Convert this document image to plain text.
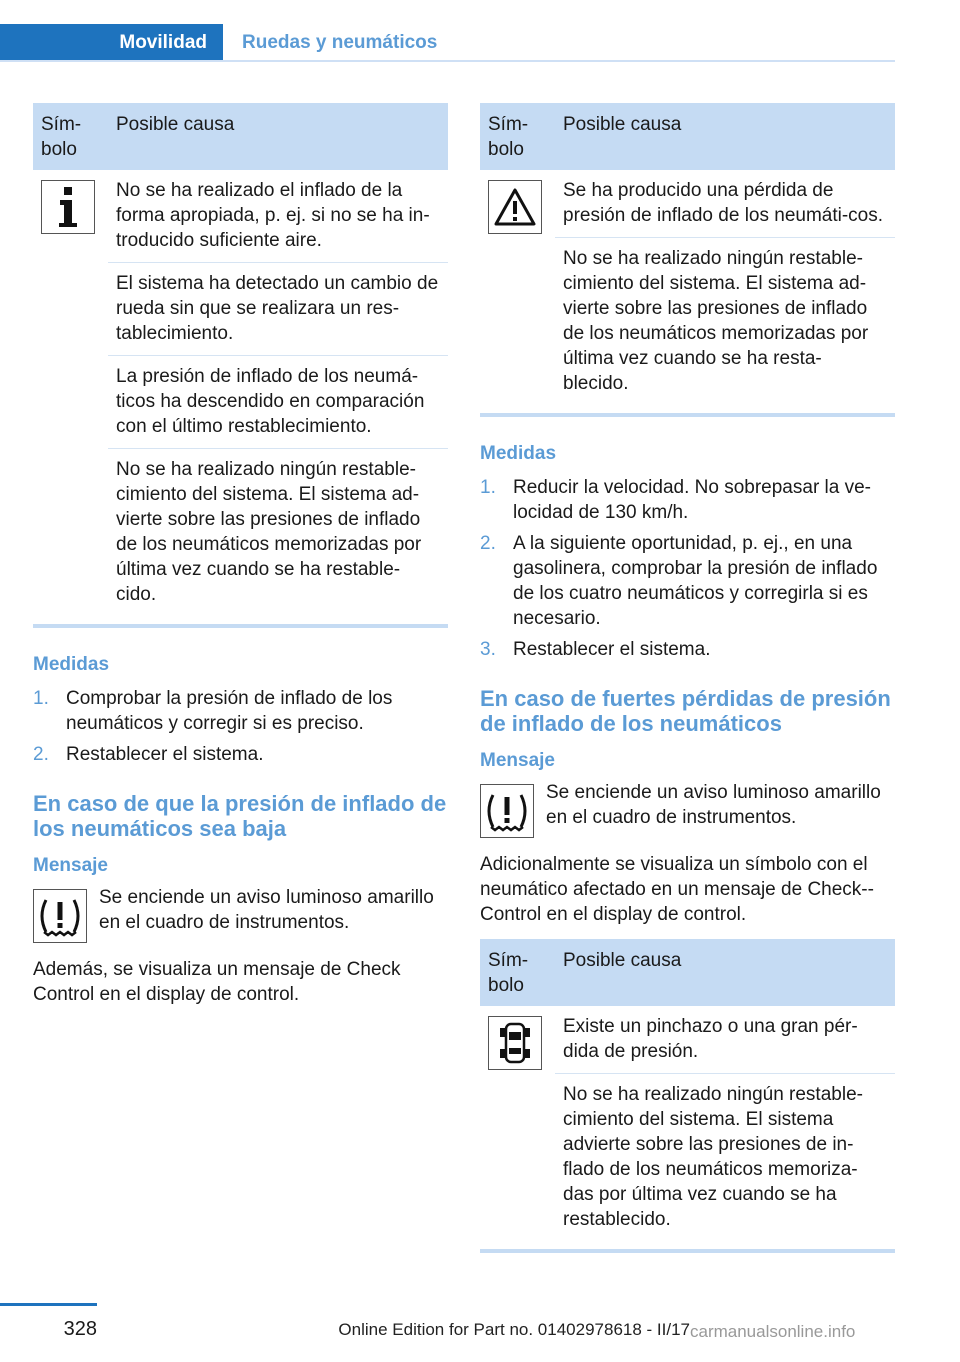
Movilidad Ruedas y neumáticos
Sím-
bolo	Posible causa

	No se ha realizado el inflado de la forma apropiada, p. ej. si no se ha in-troducido suficiente aire.
	El sistema ha detectado un cambio de rueda sin que se realizara un res-tablecimiento.
	La presión de inflado de los neumá-ticos ha descendido en comparación con el último restablecimiento.
	No se ha realizado ningún restable-cimiento del sistema. El sistema ad-vierte sobre las presiones de inflado de los neumáticos memorizadas por última vez cuando se ha restable-cido.
Medidas
1. Comprobar la presión de inflado de los neumáticos y corregir si es preciso.
2. Restablecer el sistema.
En caso de que la presión de inflado de los neumáticos sea baja
Mensaje
Se enciende un aviso luminoso amarillo en el cuadro de instrumentos.
Además, se visualiza un mensaje de Check Control en el display de control.
Sím-
bolo	Posible causa

	Se ha producido una pérdida de presión de inflado de los neumáti-cos.
	No se ha realizado ningún restable-cimiento del sistema. El sistema ad-vierte sobre las presiones de inflado de los neumáticos memorizadas por última vez cuando se ha resta-blecido.
Medidas
1. Reducir la velocidad. No sobrepasar la ve-locidad de 130 km/h.
2. A la siguiente oportunidad, p. ej., en una gasolinera, comprobar la presión de inflado de los cuatro neumáticos y corregirla si es necesario.
3. Restablecer el sistema.
En caso de fuertes pérdidas de presión de inflado de los neumáticos
Mensaje
Se enciende un aviso luminoso amarillo en el cuadro de instrumentos.
Adicionalmente se visualiza un símbolo con el neumático afectado en un mensaje de Check--Control en el display de control.
Sím-
bolo	Posible causa

	Existe un pinchazo o una gran pér-dida de presión.
	No se ha realizado ningún restable-cimiento del sistema. El sistema advierte sobre las presiones de in-flado de los neumáticos memoriza-das por última vez cuando se ha restablecido.
328	Online Edition for Part no. 01402978618 - II/17 carmanualsonline.info
